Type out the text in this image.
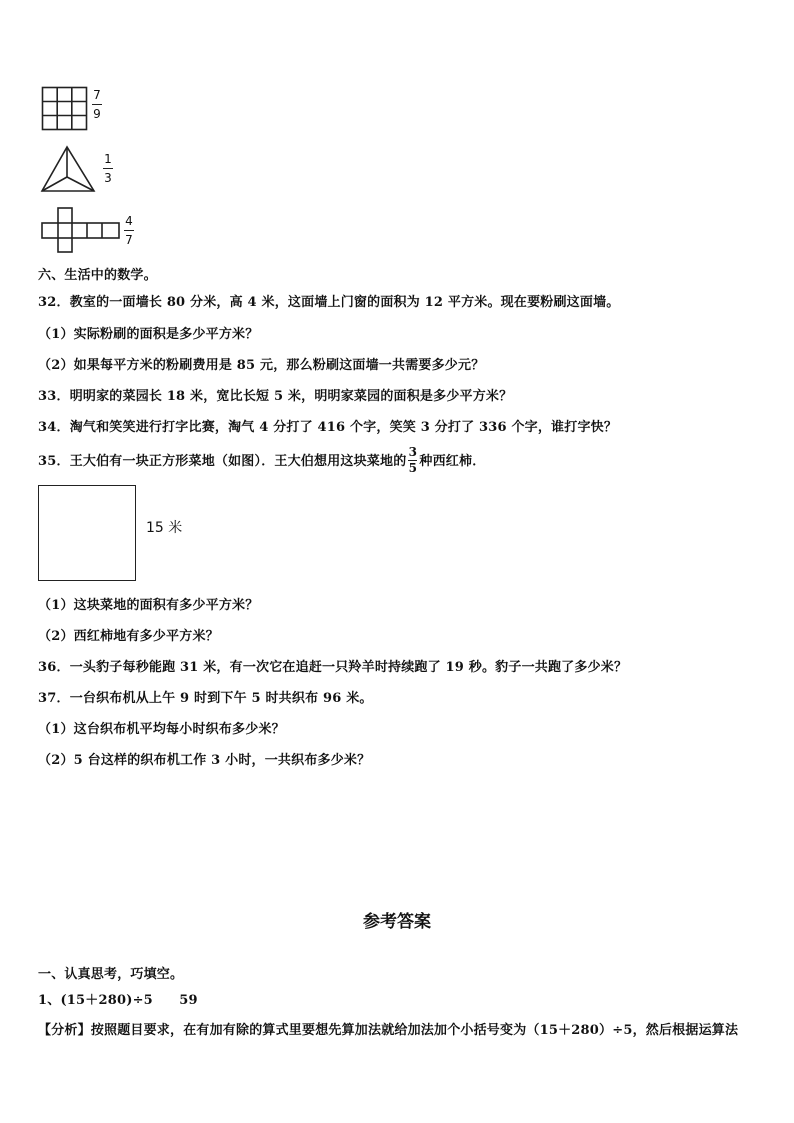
7
9
1
3
4
7
六、生活中的数学。
32．教室的一面墙长 80 分米，高 4 米，这面墙上门窗的面积为 12 平方米。现在要粉刷这面墙。
（1）实际粉刷的面积是多少平方米？
（2）如果每平方米的粉刷费用是 85 元，那么粉刷这面墙一共需要多少元？
33．明明家的菜园长 18 米，宽比长短 5 米，明明家菜园的面积是多少平方米？
34．淘气和笑笑进行打字比赛，淘气 4 分打了 416 个字，笑笑 3 分打了 336 个字，谁打字快？
35．王大伯有一块正方形菜地（如图）．王大伯想用这块菜地的 $\frac{3}{5}$ 种西红柿．
15 米
（1）这块菜地的面积有多少平方米？
（2）西红柿地有多少平方米？
36．一头豹子每秒能跑 31 米，有一次它在追赶一只羚羊时持续跑了 19 秒。豹子一共跑了多少米？
37．一台织布机从上午 9 时到下午 5 时共织布 96 米。
（1）这台织布机平均每小时织布多少米？
（2）5 台这样的织布机工作 3 小时，一共织布多少米？
参考答案
一、认真思考，巧填空。
1、(15＋280)÷5　　59
【分析】按照题目要求，在有加有除的算式里要想先算加法就给加法加个小括号变为（15＋280）÷5，然后根据运算法
